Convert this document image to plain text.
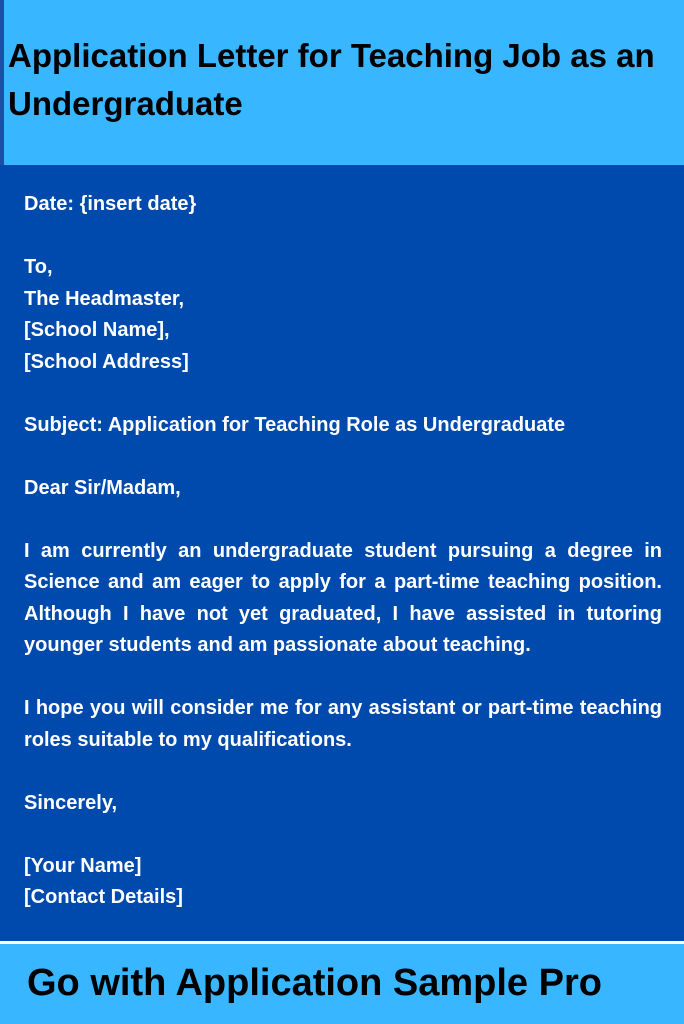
Application Letter for Teaching Job as an Undergraduate
Date: {insert date}
To,
The Headmaster,
[School Name],
[School Address]
Subject: Application for Teaching Role as Undergraduate
Dear Sir/Madam,
I am currently an undergraduate student pursuing a degree in Science and am eager to apply for a part-time teaching position. Although I have not yet graduated, I have assisted in tutoring younger students and am passionate about teaching.
I hope you will consider me for any assistant or part-time teaching roles suitable to my qualifications.
Sincerely,
[Your Name]
[Contact Details]
Go with Application Sample Pro
